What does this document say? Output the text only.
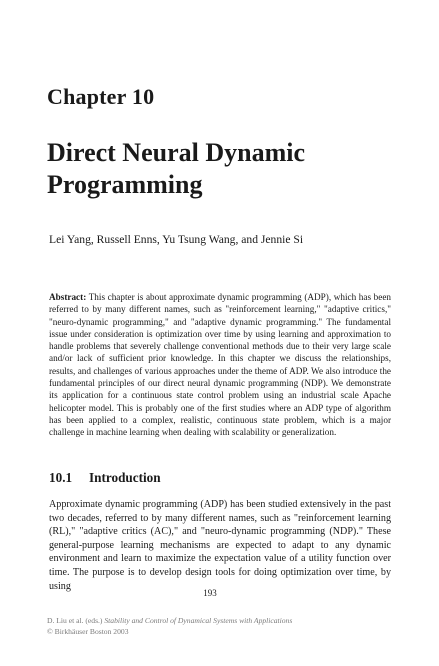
Chapter 10
Direct Neural Dynamic
Programming
Lei Yang, Russell Enns, Yu Tsung Wang, and Jennie Si

Abstract: This chapter is about approximate dynamic programming (ADP), which has been referred to by many different names, such as "reinforcement learning," "adaptive critics," "neuro-dynamic programming," and "adaptive dynamic programming." The fundamental issue under consideration is optimization over time by using learning and approximation to handle problems that severely challenge conventional methods due to their very large scale and/or lack of sufficient prior knowledge. In this chapter we discuss the relationships, results, and challenges of various approaches under the theme of ADP. We also introduce the fundamental principles of our direct neural dynamic programming (NDP). We demonstrate its application for a continuous state control problem using an industrial scale Apache helicopter model. This is probably one of the first studies where an ADP type of algorithm has been applied to a complex, realistic, continuous state problem, which is a major challenge in machine learning when dealing with scalability or generalization.

10.1 Introduction

Approximate dynamic programming (ADP) has been studied extensively in the past two decades, referred to by many different names, such as "reinforcement learning (RL)," "adaptive critics (AC)," and "neuro-dynamic programming (NDP)." These general-purpose learning mechanisms are expected to adapt to any dynamic environment and learn to maximize the expectation value of a utility function over time. The purpose is to develop design tools for doing optimization over time, by using

193
D. Liu et al. (eds.) Stability and Control of Dynamical Systems with Applications
© Birkhäuser Boston 2003
